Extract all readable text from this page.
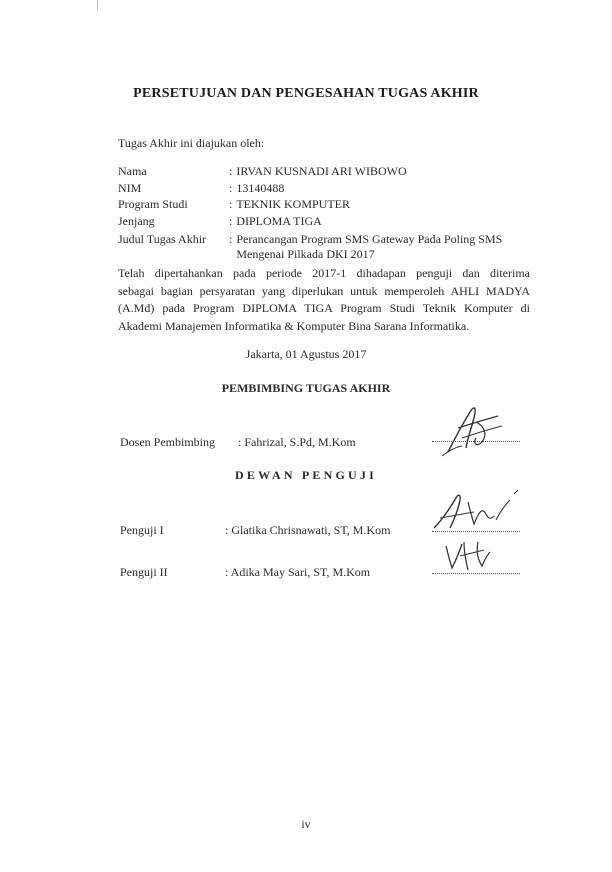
PERSETUJUAN DAN PENGESAHAN TUGAS AKHIR
Tugas Akhir ini diajukan oleh:
Nama	: IRVAN KUSNADI ARI WIBOWO
NIM	: 13140488
Program Studi	: TEKNIK KOMPUTER
Jenjang	: DIPLOMA TIGA
Judul Tugas Akhir : Perancangan Program SMS Gateway Pada Poling SMS
Mengenai Pilkada DKI 2017
Telah dipertahankan pada periode 2017-1 dihadapan penguji dan diterima
sebagai bagian persyaratan yang diperlukan untuk memperoleh AHLI MADYA
(A.Md) pada Program DIPLOMA TIGA Program Studi Teknik Komputer di
Akademi Manajemen Informatika & Komputer Bina Sarana Informatika.
Jakarta, 01 Agustus 2017
PEMBIMBING TUGAS AKHIR
Dosen Pembimbing : Fahrizal, S.Pd, M.Kom
DEWAN PENGUJI
Penguji I	: Glatika Chrisnawati, ST, M.Kom
Penguji II	: Adika May Sari, ST, M.Kom
iv
